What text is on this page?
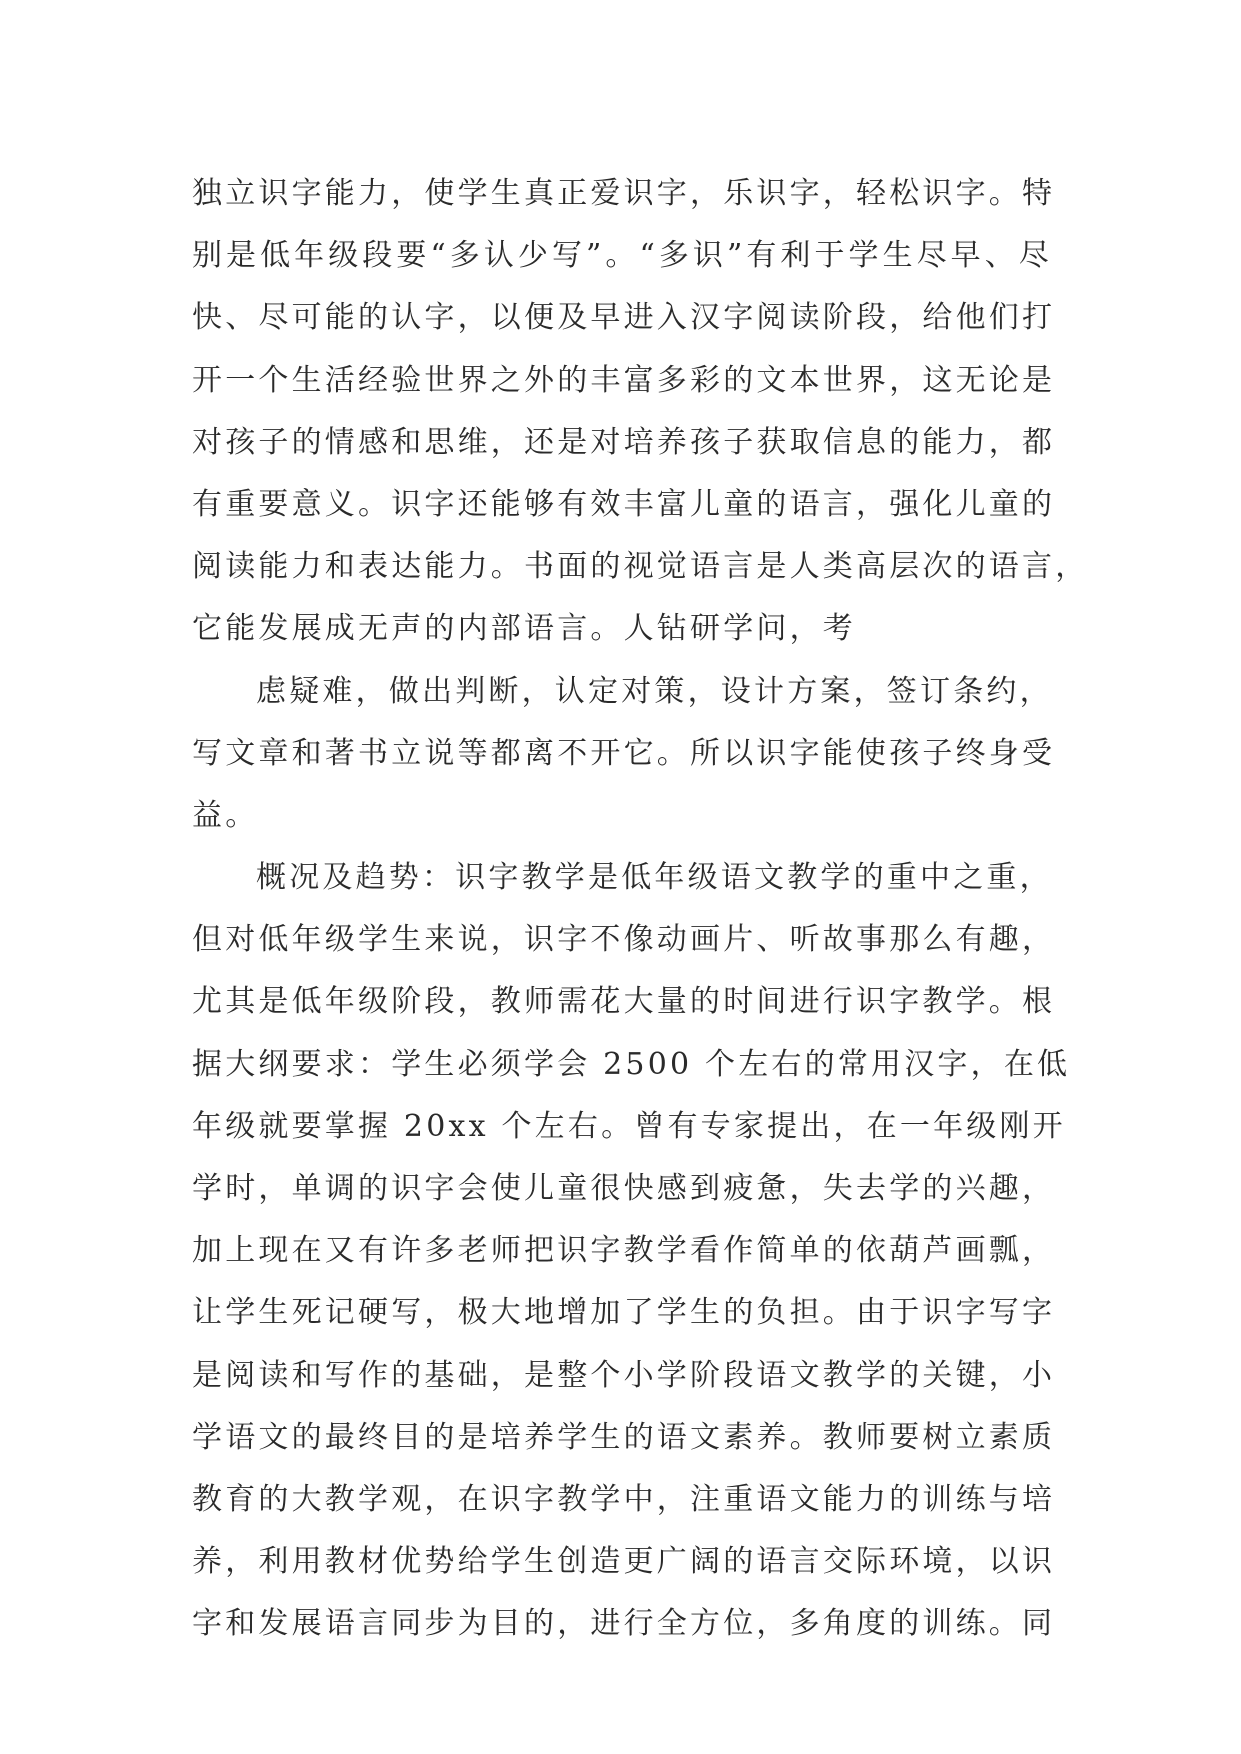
独立识字能力，使学生真正爱识字，乐识字，轻松识字。特
别是低年级段要“多认少写”。“多识”有利于学生尽早、尽
快、尽可能的认字，以便及早进入汉字阅读阶段，给他们打
开一个生活经验世界之外的丰富多彩的文本世界，这无论是
对孩子的情感和思维，还是对培养孩子获取信息的能力，都
有重要意义。识字还能够有效丰富儿童的语言，强化儿童的
阅读能力和表达能力。书面的视觉语言是人类高层次的语言，
它能发展成无声的内部语言。人钻研学问，考
虑疑难，做出判断，认定对策，设计方案，签订条约，
写文章和著书立说等都离不开它。所以识字能使孩子终身受
益。
概况及趋势：识字教学是低年级语文教学的重中之重，
但对低年级学生来说，识字不像动画片、听故事那么有趣，
尤其是低年级阶段，教师需花大量的时间进行识字教学。根
据大纲要求：学生必须学会 2500 个左右的常用汉字，在低
年级就要掌握 20xx 个左右。曾有专家提出，在一年级刚开
学时，单调的识字会使儿童很快感到疲惫，失去学的兴趣，
加上现在又有许多老师把识字教学看作简单的依葫芦画瓢，
让学生死记硬写，极大地增加了学生的负担。由于识字写字
是阅读和写作的基础，是整个小学阶段语文教学的关键，小
学语文的最终目的是培养学生的语文素养。教师要树立素质
教育的大教学观，在识字教学中，注重语文能力的训练与培
养，利用教材优势给学生创造更广阔的语言交际环境，以识
字和发展语言同步为目的，进行全方位，多角度的训练。同
